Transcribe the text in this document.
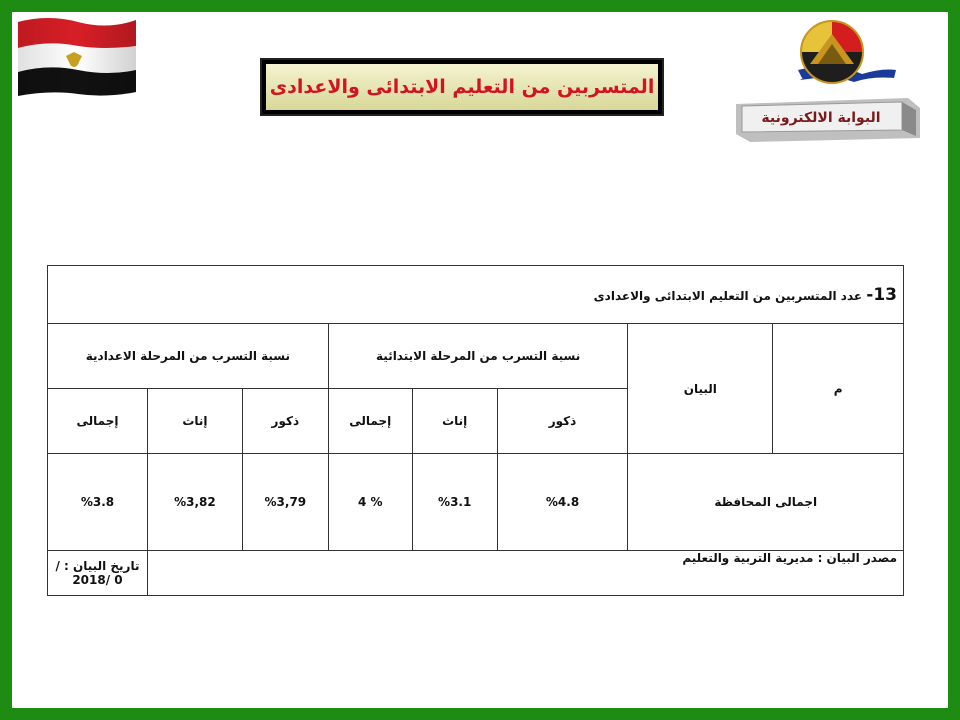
المتسربين من التعليم الابتدائى والاعدادى
البوابة الالكترونية
13- عدد المتسربين من التعليم الابتدائى والاعدادى							
م	البيان	نسبة التسرب من المرحلة الابتدائية			نسبة التسرب من المرحلة الاعدادية		
		ذكور	إناث	إجمالى	ذكور	إناث	إجمالى
اجمالى المحافظة		%4.8	%3.1	% 4	%3,79	%3,82	%3.8
مصدر البيان : مديرية التربية والتعليم							تاريخ البيان : / 0 /2018
